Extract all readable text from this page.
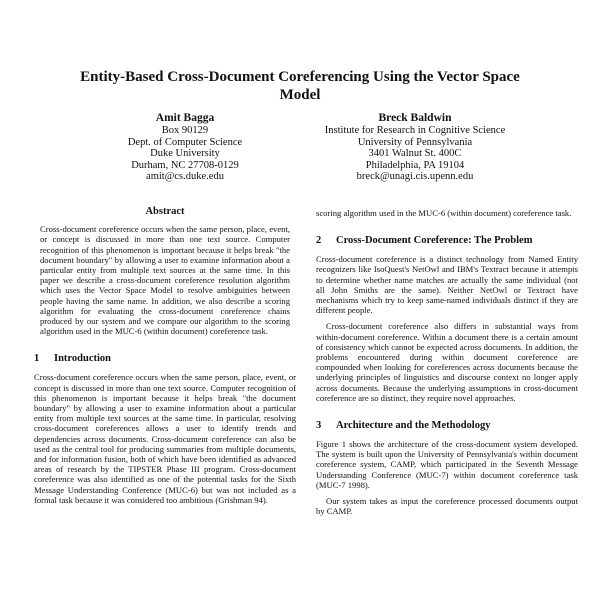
Entity-Based Cross-Document Coreferencing Using the Vector Space Model
Amit Bagga
Box 90129
Dept. of Computer Science
Duke University
Durham, NC 27708-0129
amit@cs.duke.edu
Breck Baldwin
Institute for Research in Cognitive Science
University of Pennsylvania
3401 Walnut St. 400C
Philadelphia, PA 19104
breck@unagi.cis.upenn.edu
Abstract

Cross-document coreference occurs when the same person, place, event, or concept is discussed in more than one text source. Computer recognition of this phenomenon is important because it helps break "the document boundary" by allowing a user to examine information about a particular entity from multiple text sources at the same time. In this paper we describe a cross-document coreference resolution algorithm which uses the Vector Space Model to resolve ambiguities between people having the same name. In addition, we also describe a scoring algorithm for evaluating the cross-document coreference chains produced by our system and we compare our algorithm to the scoring algorithm used in the MUC-6 (within document) coreference task.

1	Introduction

Cross-document coreference occurs when the same person, place, event, or concept is discussed in more than one text source. Computer recognition of this phenomenon is important because it helps break "the document boundary" by allowing a user to examine information about a particular entity from multiple text sources at the same time. In particular, resolving cross-document coreferences allows a user to identify trends and dependencies across documents. Cross-document coreference can also be used as the central tool for producing summaries from multiple documents, and for information fusion, both of which have been identified as advanced areas of research by the TIPSTER Phase III program. Cross-document coreference was also identified as one of the potential tasks for the Sixth Message Understanding Conference (MUC-6) but was not included as a formal task because it was considered too ambitious (Grishman 94).

scoring algorithm used in the MUC-6 (within document) coreference task.

2	Cross-Document Coreference: The Problem

Cross-document coreference is a distinct technology from Named Entity recognizers like IsoQuest's NetOwl and IBM's Textract because it attempts to determine whether name matches are actually the same individual (not all John Smiths are the same). Neither NetOwl or Textract have mechanisms which try to keep same-named individuals distinct if they are different people.

Cross-document coreference also differs in substantial ways from within-document coreference. Within a document there is a certain amount of consistency which cannot be expected across documents. In addition, the problems encountered during within document coreference are compounded when looking for coreferences across documents because the underlying principles of linguistics and discourse context no longer apply across documents. Because the underlying assumptions in cross-document coreference are so distinct, they require novel approaches.

3	Architecture and the Methodology

Figure 1 shows the architecture of the cross-document system developed. The system is built upon the University of Pennsylvania's within document coreference system, CAMP, which participated in the Seventh Message Understanding Conference (MUC-7) within document coreference task (MUC-7 1998).

Our system takes as input the coreference processed documents output by CAMP.
